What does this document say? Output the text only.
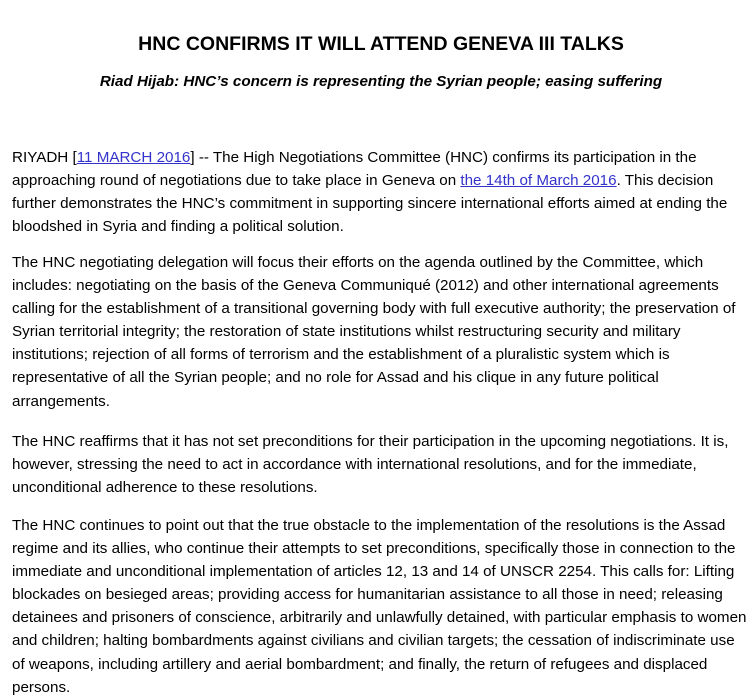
HNC CONFIRMS IT WILL ATTEND GENEVA III TALKS
Riad Hijab: HNC’s concern is representing the Syrian people; easing suffering

RIYADH [11 MARCH 2016] -- The High Negotiations Committee (HNC) confirms its participation in the approaching round of negotiations due to take place in Geneva on the 14th of March 2016. This decision further demonstrates the HNC’s commitment in supporting sincere international efforts aimed at ending the bloodshed in Syria and finding a political solution.

The HNC negotiating delegation will focus their efforts on the agenda outlined by the Committee, which includes: negotiating on the basis of the Geneva Communiqué (2012) and other international agreements calling for the establishment of a transitional governing body with full executive authority; the preservation of Syrian territorial integrity; the restoration of state institutions whilst restructuring security and military institutions; rejection of all forms of terrorism and the establishment of a pluralistic system which is representative of all the Syrian people; and no role for Assad and his clique in any future political arrangements.

The HNC reaffirms that it has not set preconditions for their participation in the upcoming negotiations. It is, however, stressing the need to act in accordance with international resolutions, and for the immediate, unconditional adherence to these resolutions.

The HNC continues to point out that the true obstacle to the implementation of the resolutions is the Assad regime and its allies, who continue their attempts to set preconditions, specifically those in connection to the immediate and unconditional implementation of articles 12, 13 and 14 of UNSCR 2254. This calls for: Lifting blockades on besieged areas; providing access for humanitarian assistance to all those in need; releasing detainees and prisoners of conscience, arbitrarily and unlawfully detained, with particular emphasis to women and children; halting bombardments against civilians and civilian targets; the cessation of indiscriminate use of weapons, including artillery and aerial bombardment; and finally, the return of refugees and displaced persons.
